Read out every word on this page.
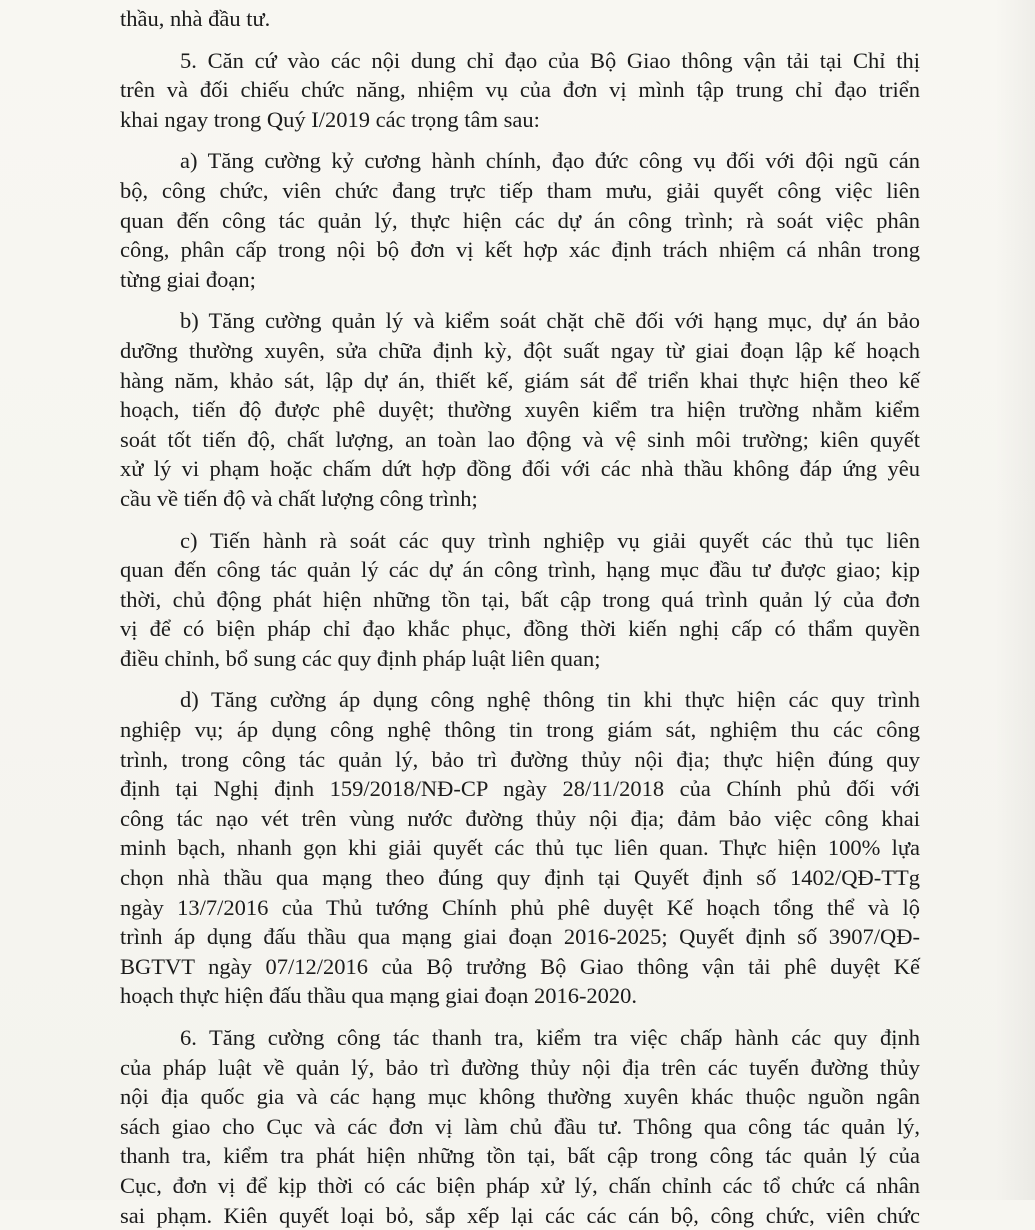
thầu, nhà đầu tư.
5. Căn cứ vào các nội dung chỉ đạo của Bộ Giao thông vận tải tại Chỉ thị
trên và đối chiếu chức năng, nhiệm vụ của đơn vị mình tập trung chỉ đạo triển
khai ngay trong Quý I/2019 các trọng tâm sau:
a) Tăng cường kỷ cương hành chính, đạo đức công vụ đối với đội ngũ cán
bộ, công chức, viên chức đang trực tiếp tham mưu, giải quyết công việc liên
quan đến công tác quản lý, thực hiện các dự án công trình; rà soát việc phân
công, phân cấp trong nội bộ đơn vị kết hợp xác định trách nhiệm cá nhân trong
từng giai đoạn;
b) Tăng cường quản lý và kiểm soát chặt chẽ đối với hạng mục, dự án bảo
dưỡng thường xuyên, sửa chữa định kỳ, đột suất ngay từ giai đoạn lập kế hoạch
hàng năm, khảo sát, lập dự án, thiết kế, giám sát để triển khai thực hiện theo kế
hoạch, tiến độ được phê duyệt; thường xuyên kiểm tra hiện trường nhằm kiểm
soát tốt tiến độ, chất lượng, an toàn lao động và vệ sinh môi trường; kiên quyết
xử lý vi phạm hoặc chấm dứt hợp đồng đối với các nhà thầu không đáp ứng yêu
cầu về tiến độ và chất lượng công trình;
c) Tiến hành rà soát các quy trình nghiệp vụ giải quyết các thủ tục liên
quan đến công tác quản lý các dự án công trình, hạng mục đầu tư được giao; kịp
thời, chủ động phát hiện những tồn tại, bất cập trong quá trình quản lý của đơn
vị để có biện pháp chỉ đạo khắc phục, đồng thời kiến nghị cấp có thẩm quyền
điều chỉnh, bổ sung các quy định pháp luật liên quan;
d) Tăng cường áp dụng công nghệ thông tin khi thực hiện các quy trình
nghiệp vụ; áp dụng công nghệ thông tin trong giám sát, nghiệm thu các công
trình, trong công tác quản lý, bảo trì đường thủy nội địa; thực hiện đúng quy
định tại Nghị định 159/2018/NĐ-CP ngày 28/11/2018 của Chính phủ đối với
công tác nạo vét trên vùng nước đường thủy nội địa; đảm bảo việc công khai
minh bạch, nhanh gọn khi giải quyết các thủ tục liên quan. Thực hiện 100% lựa
chọn nhà thầu qua mạng theo đúng quy định tại Quyết định số 1402/QĐ-TTg
ngày 13/7/2016 của Thủ tướng Chính phủ phê duyệt Kế hoạch tổng thể và lộ
trình áp dụng đấu thầu qua mạng giai đoạn 2016-2025; Quyết định số 3907/QĐ-
BGTVT ngày 07/12/2016 của Bộ trưởng Bộ Giao thông vận tải phê duyệt Kế
hoạch thực hiện đấu thầu qua mạng giai đoạn 2016-2020.
6. Tăng cường công tác thanh tra, kiểm tra việc chấp hành các quy định
của pháp luật về quản lý, bảo trì đường thủy nội địa trên các tuyến đường thủy
nội địa quốc gia và các hạng mục không thường xuyên khác thuộc nguồn ngân
sách giao cho Cục và các đơn vị làm chủ đầu tư. Thông qua công tác quản lý,
thanh tra, kiểm tra phát hiện những tồn tại, bất cập trong công tác quản lý của
Cục, đơn vị để kịp thời có các biện pháp xử lý, chấn chỉnh các tổ chức cá nhân
sai phạm. Kiên quyết loại bỏ, sắp xếp lại các các cán bộ, công chức, viên chức
